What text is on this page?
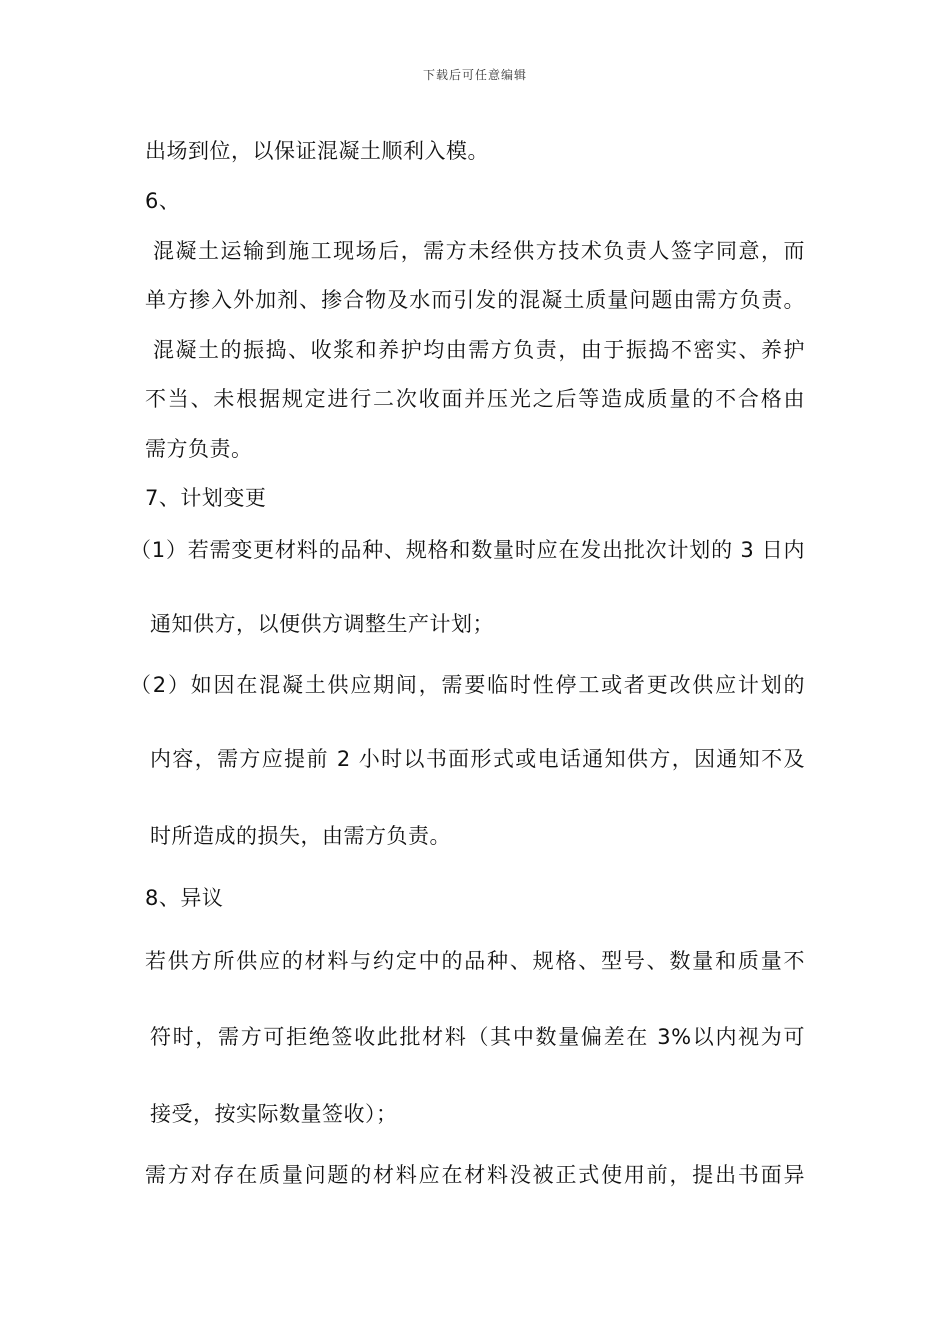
下载后可任意编辑
出场到位，以保证混凝土顺利入模。
6、
混凝土运输到施工现场后，需方未经供方技术负责人签字同意，而
单方掺入外加剂、掺合物及水而引发的混凝土质量问题由需方负责。
混凝土的振捣、收浆和养护均由需方负责，由于振捣不密实、养护
不当、未根据规定进行二次收面并压光之后等造成质量的不合格由
需方负责。
7、计划变更
（1）若需变更材料的品种、规格和数量时应在发出批次计划的 3 日内
通知供方，以便供方调整生产计划；
（2）如因在混凝土供应期间，需要临时性停工或者更改供应计划的
内容，需方应提前 2 小时以书面形式或电话通知供方，因通知不及
时所造成的损失，由需方负责。
8、异议
若供方所供应的材料与约定中的品种、规格、型号、数量和质量不
符时，需方可拒绝签收此批材料（其中数量偏差在 3%以内视为可
接受，按实际数量签收）；
需方对存在质量问题的材料应在材料没被正式使用前，提出书面异
